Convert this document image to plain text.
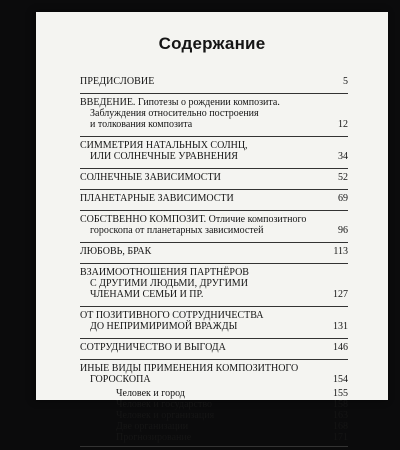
Содержание
ПРЕДИСЛОВИЕ	5
ВВЕДЕНИЕ. Гипотезы о рождении композита.
Заблуждения относительно построения
и толкования композита	12
СИММЕТРИЯ НАТАЛЬНЫХ СОЛНЦ,
ИЛИ СОЛНЕЧНЫЕ УРАВНЕНИЯ	34
СОЛНЕЧНЫЕ ЗАВИСИМОСТИ	52
ПЛАНЕТАРНЫЕ ЗАВИСИМОСТИ	69
СОБСТВЕННО КОМПОЗИТ. Отличие композитного
гороскопа от планетарных зависимостей	96
ЛЮБОВЬ, БРАК	113
ВЗАИМООТНОШЕНИЯ ПАРТНЁРОВ
С ДРУГИМИ ЛЮДЬМИ, ДРУГИМИ
ЧЛЕНАМИ СЕМЬИ И ПР.	127
ОТ ПОЗИТИВНОГО СОТРУДНИЧЕСТВА
ДО НЕПРИМИРИМОЙ ВРАЖДЫ	131
СОТРУДНИЧЕСТВО И ВЫГОДА	146
ИНЫЕ ВИДЫ ПРИМЕНЕНИЯ КОМПОЗИТНОГО
ГОРОСКОПА	154
Человек и город	155
Человек и государство	158
Человек и организация	163
Две организации	168
Прогнозирование	171
